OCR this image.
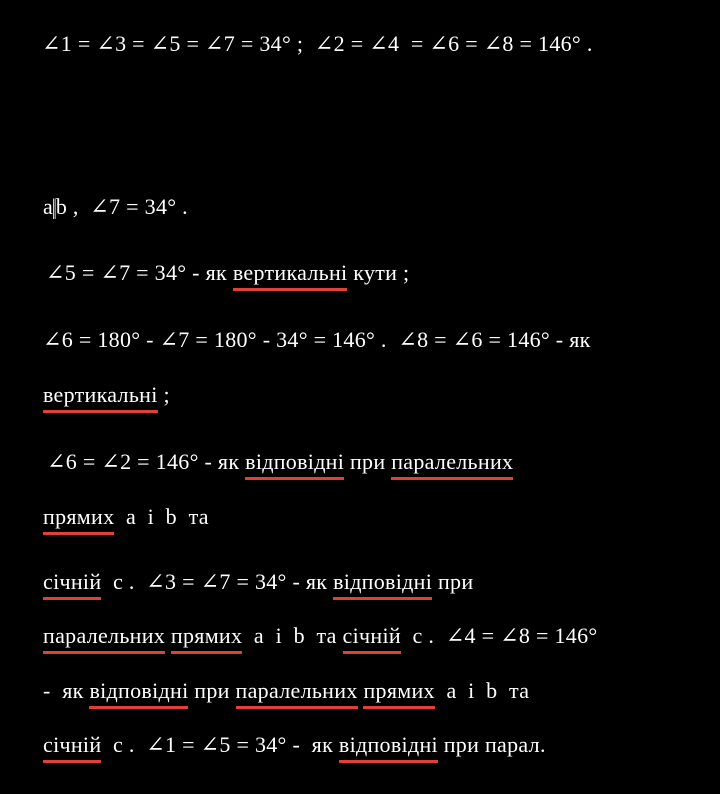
∠1 = ∠3 = ∠5 = ∠7 = 34° ;  ∠2 = ∠4  = ∠6 = ∠8 = 146° .
a‖b ,  ∠7 = 34° .
∠5 = ∠7 = 34° - як вертикальні кути ;
∠6 = 180° - ∠7 = 180° - 34° = 146° .  ∠8 = ∠6 = 146° - як
вертикальні ;
∠6 = ∠2 = 146° - як відповідні при паралельних
прямих  a  і  b  та
січній  c .  ∠3 = ∠7 = 34° - як відповідні при
паралельних прямих  a  і  b  та січній  c .  ∠4 = ∠8 = 146°
-  як відповідні при паралельних прямих  a  і  b  та
січній  c .  ∠1 = ∠5 = 34° -  як відповідні при парал.
